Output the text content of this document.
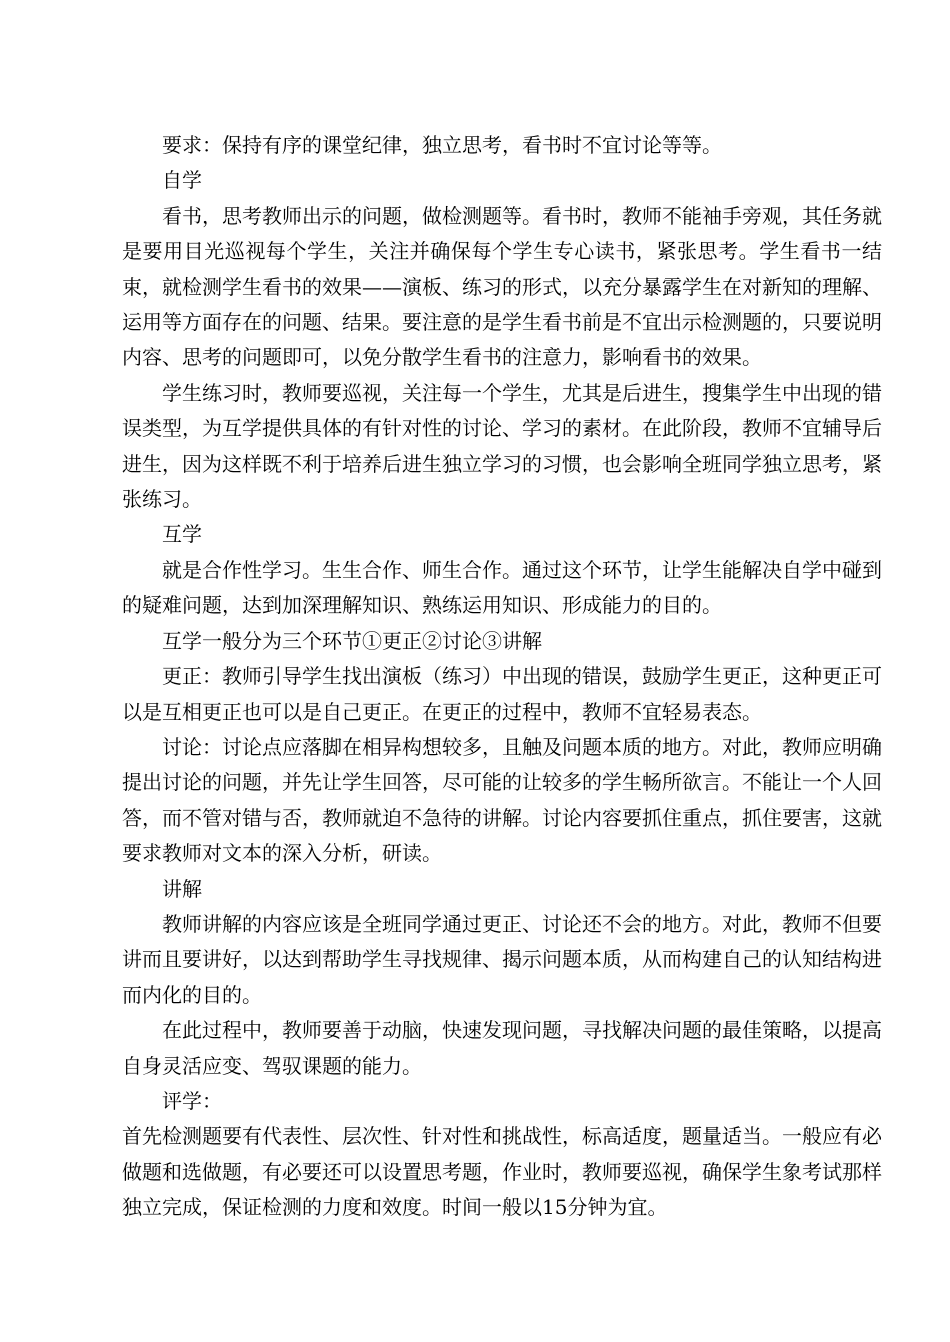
要求：保持有序的课堂纪律，独立思考，看书时不宜讨论等等。

自学

看书，思考教师出示的问题，做检测题等。看书时，教师不能袖手旁观，其任务就是要用目光巡视每个学生，关注并确保每个学生专心读书，紧张思考。学生看书一结束，就检测学生看书的效果——演板、练习的形式，以充分暴露学生在对新知的理解、运用等方面存在的问题、结果。要注意的是学生看书前是不宜出示检测题的，只要说明内容、思考的问题即可，以免分散学生看书的注意力，影响看书的效果。

学生练习时，教师要巡视，关注每一个学生，尤其是后进生，搜集学生中出现的错误类型，为互学提供具体的有针对性的讨论、学习的素材。在此阶段，教师不宜辅导后进生，因为这样既不利于培养后进生独立学习的习惯，也会影响全班同学独立思考，紧张练习。

互学

就是合作性学习。生生合作、师生合作。通过这个环节，让学生能解决自学中碰到的疑难问题，达到加深理解知识、熟练运用知识、形成能力的目的。

互学一般分为三个环节①更正②讨论③讲解

更正：教师引导学生找出演板（练习）中出现的错误，鼓励学生更正，这种更正可以是互相更正也可以是自己更正。在更正的过程中，教师不宜轻易表态。

讨论：讨论点应落脚在相异构想较多，且触及问题本质的地方。对此，教师应明确提出讨论的问题，并先让学生回答，尽可能的让较多的学生畅所欲言。不能让一个人回答，而不管对错与否，教师就迫不急待的讲解。讨论内容要抓住重点，抓住要害，这就要求教师对文本的深入分析，研读。

讲解

教师讲解的内容应该是全班同学通过更正、讨论还不会的地方。对此，教师不但要讲而且要讲好，以达到帮助学生寻找规律、揭示问题本质，从而构建自己的认知结构进而内化的目的。

在此过程中，教师要善于动脑，快速发现问题，寻找解决问题的最佳策略，以提高自身灵活应变、驾驭课题的能力。

评学：

首先检测题要有代表性、层次性、针对性和挑战性，标高适度，题量适当。一般应有必做题和选做题，有必要还可以设置思考题，作业时，教师要巡视，确保学生象考试那样独立完成，保证检测的力度和效度。时间一般以15分钟为宜。
